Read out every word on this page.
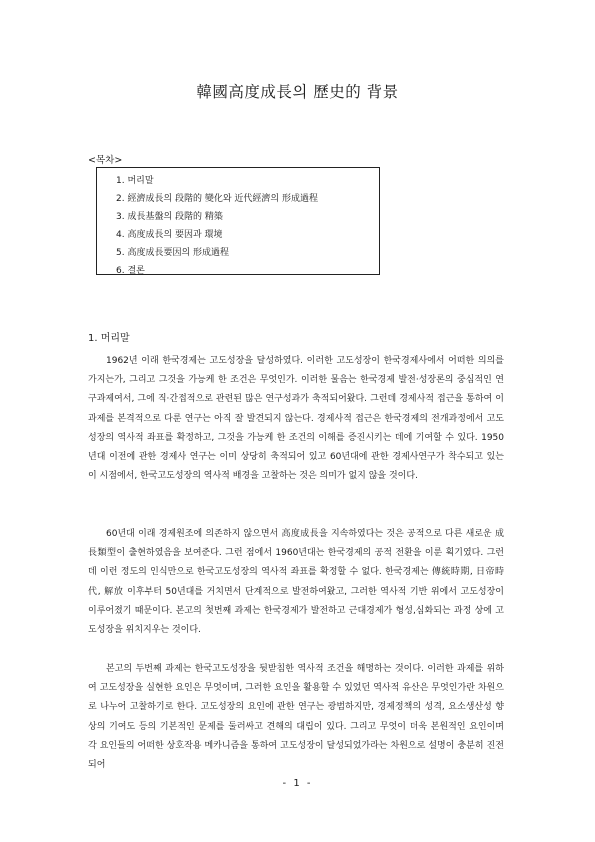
韓國高度成長의 歷史的 背景
<목차>
1. 머리말
2. 經濟成長의 段階的 變化와 近代經濟의 形成過程
3. 成長基盤의 段階的 精築
4. 高度成長의 要因과 環境
5. 高度成長要因의 形成過程
6. 결론
1. 머리말

1962년 이래 한국경제는 고도성장을 달성하였다. 이러한 고도성장이 한국경제사에서 어떠한 의의를 가지는가, 그리고 그것을 가능케 한 조건은 무엇인가. 이러한 물음는 한국경제 발전·성장론의 중심적인 연구과제여서, 그에 직·간접적으로 관련된 많은 연구성과가 축적되어왔다. 그런데 경제사적 접근을 통하여 이 과제를 본격적으로 다룬 연구는 아직 잘 발견되지 않는다. 경제사적 접근은 한국경제의 전개과정에서 고도성장의 역사적 좌표를 확정하고, 그것을 가능케 한 조건의 이해를 증진시키는 데에 기여할 수 있다. 1950년대 이전에 관한 경제사 연구는 이미 상당히 축적되어 있고 60년대에 관한 경제사연구가 착수되고 있는 이 시점에서, 한국고도성장의 역사적 배경을 고찰하는 것은 의미가 없지 않을 것이다.

60년대 이래 경제원조에 의존하지 않으면서 高度成長을 지속하였다는 것은 공적으로 다른 새로운 成長類型이 출현하였음을 보여준다. 그런 점에서 1960년대는 한국경제의 공적 전환을 이룬 획기였다. 그런데 이런 정도의 인식만으로 한국고도성장의 역사적 좌표를 확정할 수 없다. 한국경제는 傳統時期, 日帝時代, 解放 이후부터 50년대를 거치면서 단계적으로 발전하여왔고, 그러한 역사적 기반 위에서 고도성장이 이루어졌기 때문이다. 본고의 첫번째 과제는 한국경제가 발전하고 근대경제가 형성,심화되는 과정 상에 고도성장을 위치지우는 것이다.

본고의 두번째 과제는 한국고도성장을 뒷받침한 역사적 조건을 해명하는 것이다. 이러한 과제를 위하여 고도성장을 실현한 요인은 무엇이며, 그러한 요인을 활용할 수 있었던 역사적 유산은 무엇인가란 차원으로 나누어 고찰하기로 한다. 고도성장의 요인에 관한 연구는 광범하지만, 경제정책의 성격, 요소생산성 향상의 기여도 등의 기본적인 문제를 둘러싸고 견해의 대립이 있다. 그리고 무엇이 더욱 본원적인 요인이며 각 요인들의 어떠한 상호작용 메카니즘을 통하여 고도성장이 달성되었가라는 차원으로 설명이 충분히 진전되어

- 1 -
